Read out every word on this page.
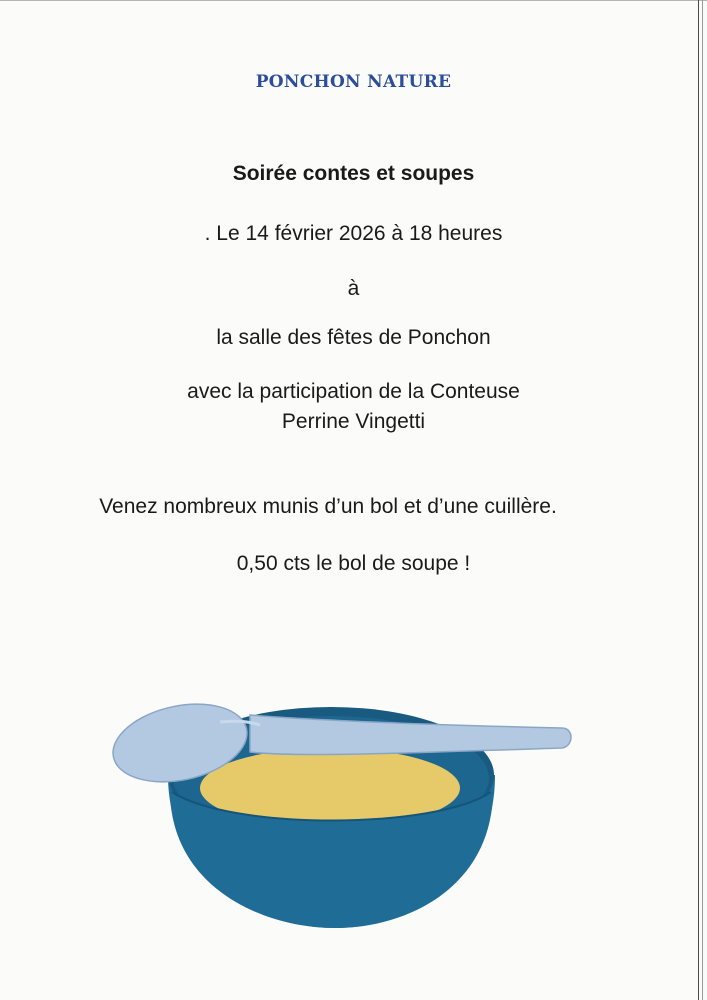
PONCHON NATURE
Soirée contes et soupes
. Le 14 février 2026 à 18 heures
à
la salle des fêtes de Ponchon
avec la participation de la Conteuse
Perrine Vingetti
Venez nombreux munis d’un bol et d’une cuillère.
0,50 cts le bol de soupe !
